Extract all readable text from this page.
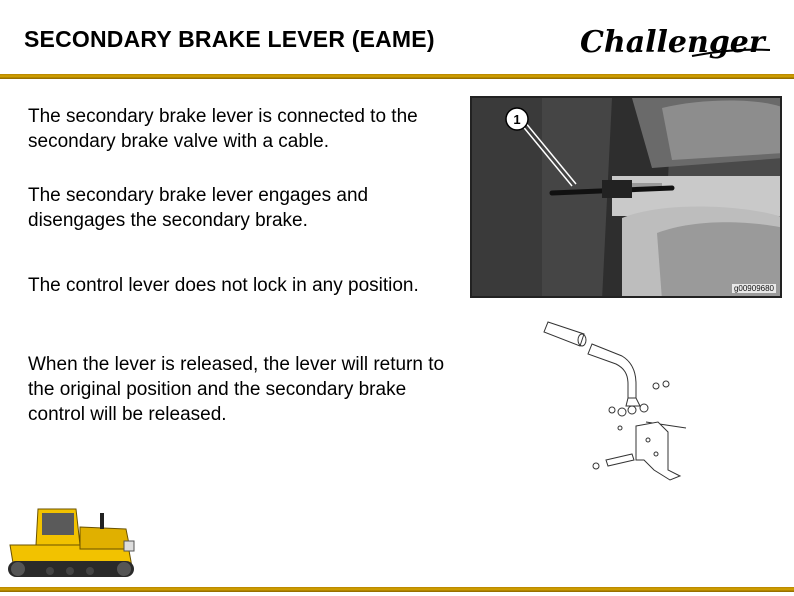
SECONDARY BRAKE LEVER (EAME)	Challenger

The secondary brake lever is connected to the secondary brake valve with a cable.

The secondary brake lever engages and disengages the secondary brake.

The control lever does not lock in any position.

When the lever is released, the lever will return to the original position and the secondary brake control will be released.

g00909680
1
